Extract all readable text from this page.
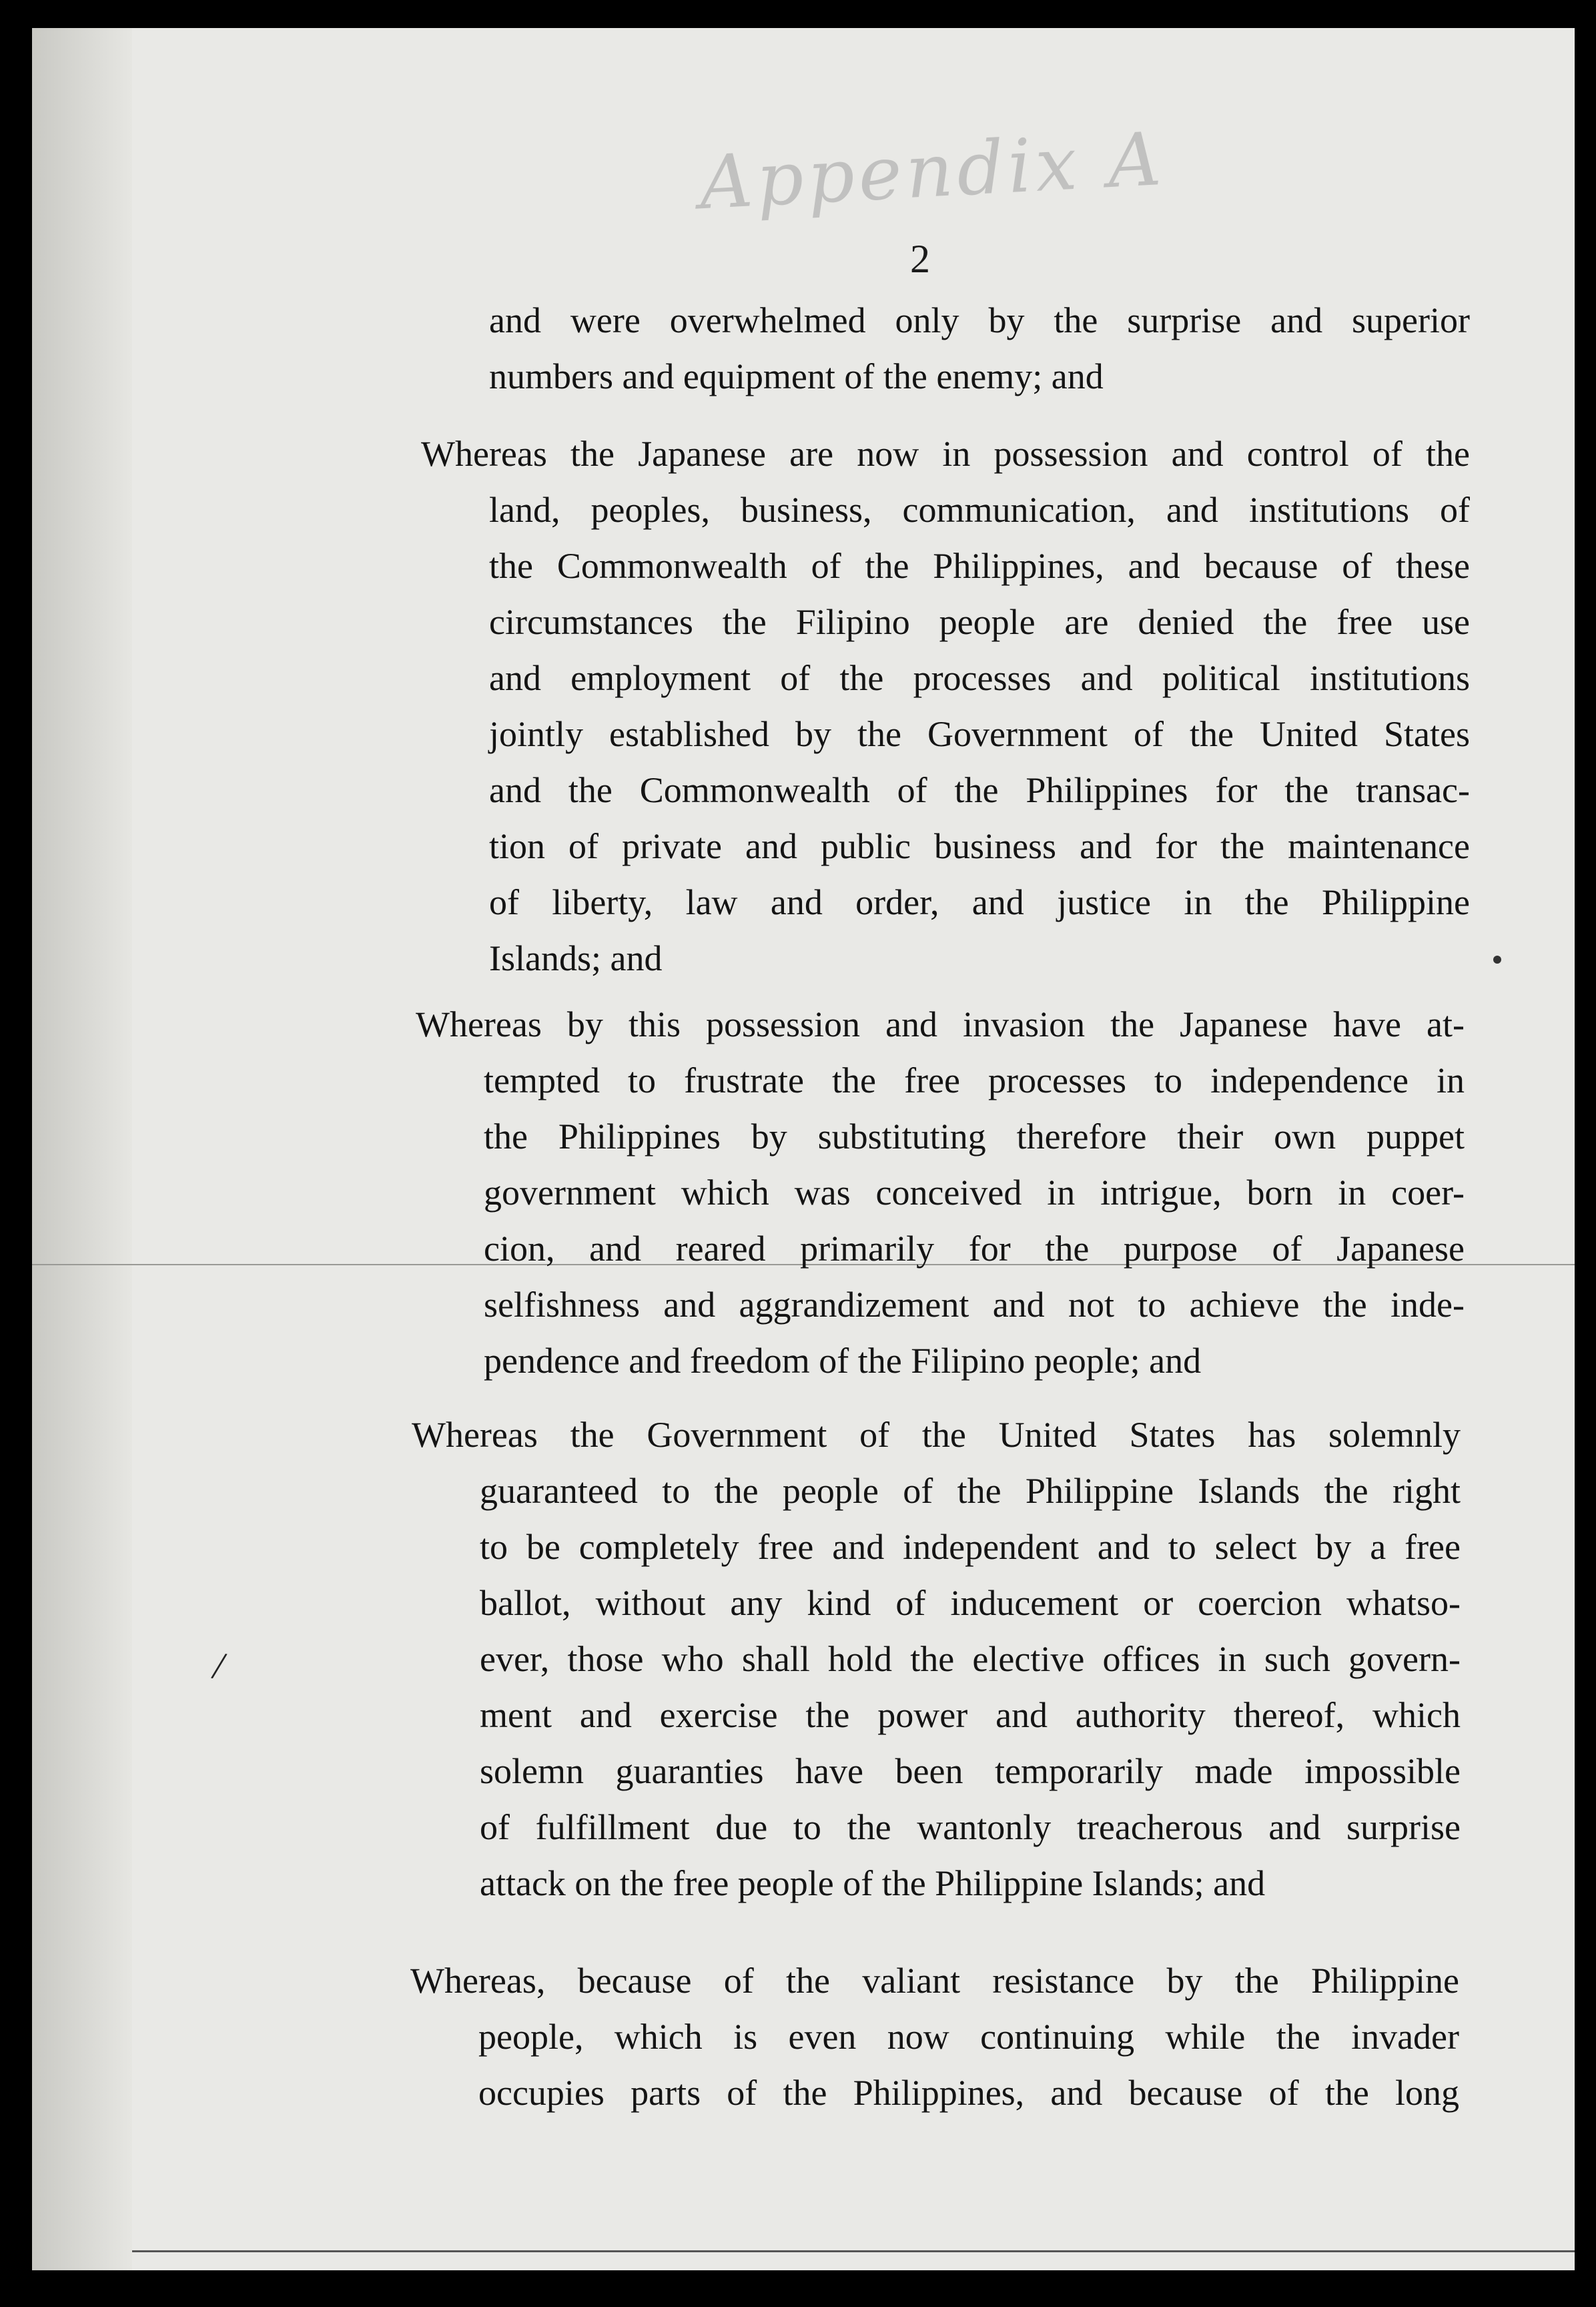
Appendix A
2
and were overwhelmed only by the surprise and superior
numbers and equipment of the enemy; and
Whereas the Japanese are now in possession and control of the
land, peoples, business, communication, and institutions of
the Commonwealth of the Philippines, and because of these
circumstances the Filipino people are denied the free use
and employment of the processes and political institutions
jointly established by the Government of the United States
and the Commonwealth of the Philippines for the transac-
tion of private and public business and for the maintenance
of liberty, law and order, and justice in the Philippine
Islands; and
Whereas by this possession and invasion the Japanese have at-
tempted to frustrate the free processes to independence in
the Philippines by substituting therefore their own puppet
government which was conceived in intrigue, born in coer-
cion, and reared primarily for the purpose of Japanese
selfishness and aggrandizement and not to achieve the inde-
pendence and freedom of the Filipino people; and
Whereas the Government of the United States has solemnly
guaranteed to the people of the Philippine Islands the right
to be completely free and independent and to select by a free
ballot, without any kind of inducement or coercion whatso-
ever, those who shall hold the elective offices in such govern-
ment and exercise the power and authority thereof, which
solemn guaranties have been temporarily made impossible
of fulfillment due to the wantonly treacherous and surprise
attack on the free people of the Philippine Islands; and
Whereas, because of the valiant resistance by the Philippine
people, which is even now continuing while the invader
occupies parts of the Philippines, and because of the long
/
